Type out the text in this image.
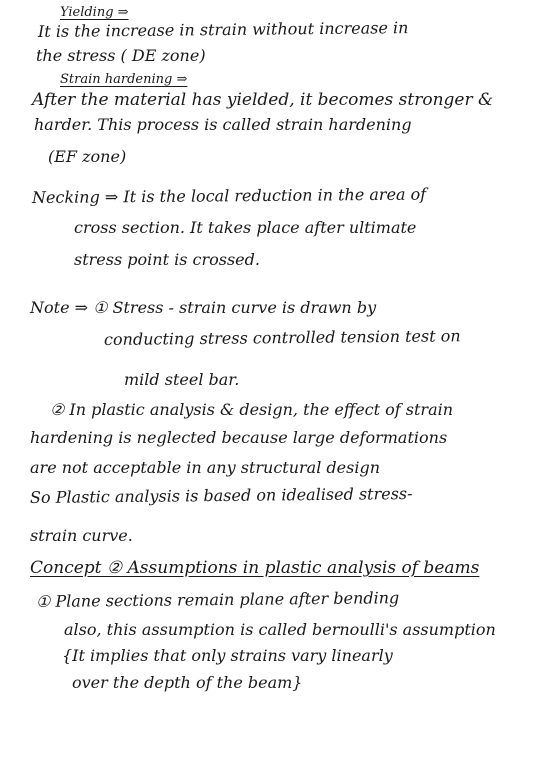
Yielding ⇒
It is the increase in strain without increase in
the stress ( DE zone)
Strain hardening ⇒
After the material has yielded, it becomes stronger &
harder. This process is called strain hardening
(EF zone)
Necking ⇒ It is the local reduction in the area of
cross section. It takes place after ultimate
stress point is crossed.
Note ⇒ ① Stress - strain curve is drawn by
conducting stress controlled tension test on
mild steel bar.
② In plastic analysis & design, the effect of strain
hardening is neglected because large deformations
are not acceptable in any structural design
So Plastic analysis is based on idealised stress-
strain curve.
Concept ② Assumptions in plastic analysis of beams
① Plane sections remain plane after bending
also, this assumption is called bernoulli's assumption
{It implies that only strains vary linearly
over the depth of the beam}
